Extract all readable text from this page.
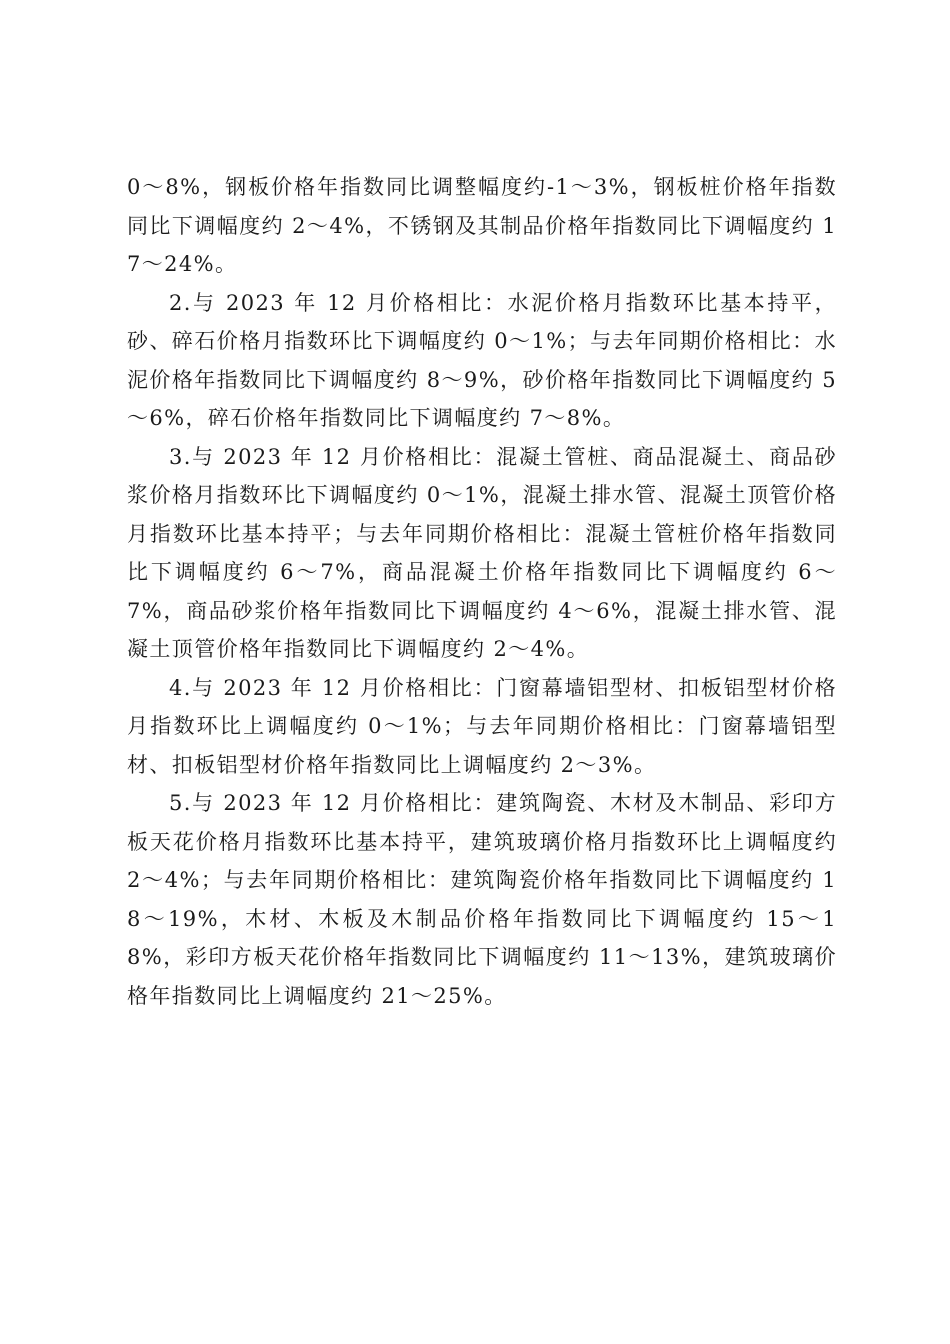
0～8%，钢板价格年指数同比调整幅度约-1～3%，钢板桩价格年指数同比下调幅度约 2～4%，不锈钢及其制品价格年指数同比下调幅度约 17～24%。

2.与 2023 年 12 月价格相比：水泥价格月指数环比基本持平，砂、碎石价格月指数环比下调幅度约 0～1%；与去年同期价格相比：水泥价格年指数同比下调幅度约 8～9%，砂价格年指数同比下调幅度约 5～6%，碎石价格年指数同比下调幅度约 7～8%。

3.与 2023 年 12 月价格相比：混凝土管桩、商品混凝土、商品砂浆价格月指数环比下调幅度约 0～1%，混凝土排水管、混凝土顶管价格月指数环比基本持平；与去年同期价格相比：混凝土管桩价格年指数同比下调幅度约 6～7%，商品混凝土价格年指数同比下调幅度约 6～7%，商品砂浆价格年指数同比下调幅度约 4～6%，混凝土排水管、混凝土顶管价格年指数同比下调幅度约 2～4%。

4.与 2023 年 12 月价格相比：门窗幕墙铝型材、扣板铝型材价格月指数环比上调幅度约 0～1%；与去年同期价格相比：门窗幕墙铝型材、扣板铝型材价格年指数同比上调幅度约 2～3%。

5.与 2023 年 12 月价格相比：建筑陶瓷、木材及木制品、彩印方板天花价格月指数环比基本持平，建筑玻璃价格月指数环比上调幅度约 2～4%；与去年同期价格相比：建筑陶瓷价格年指数同比下调幅度约 18～19%，木材、木板及木制品价格年指数同比下调幅度约 15～18%，彩印方板天花价格年指数同比下调幅度约 11～13%，建筑玻璃价格年指数同比上调幅度约 21～25%。
